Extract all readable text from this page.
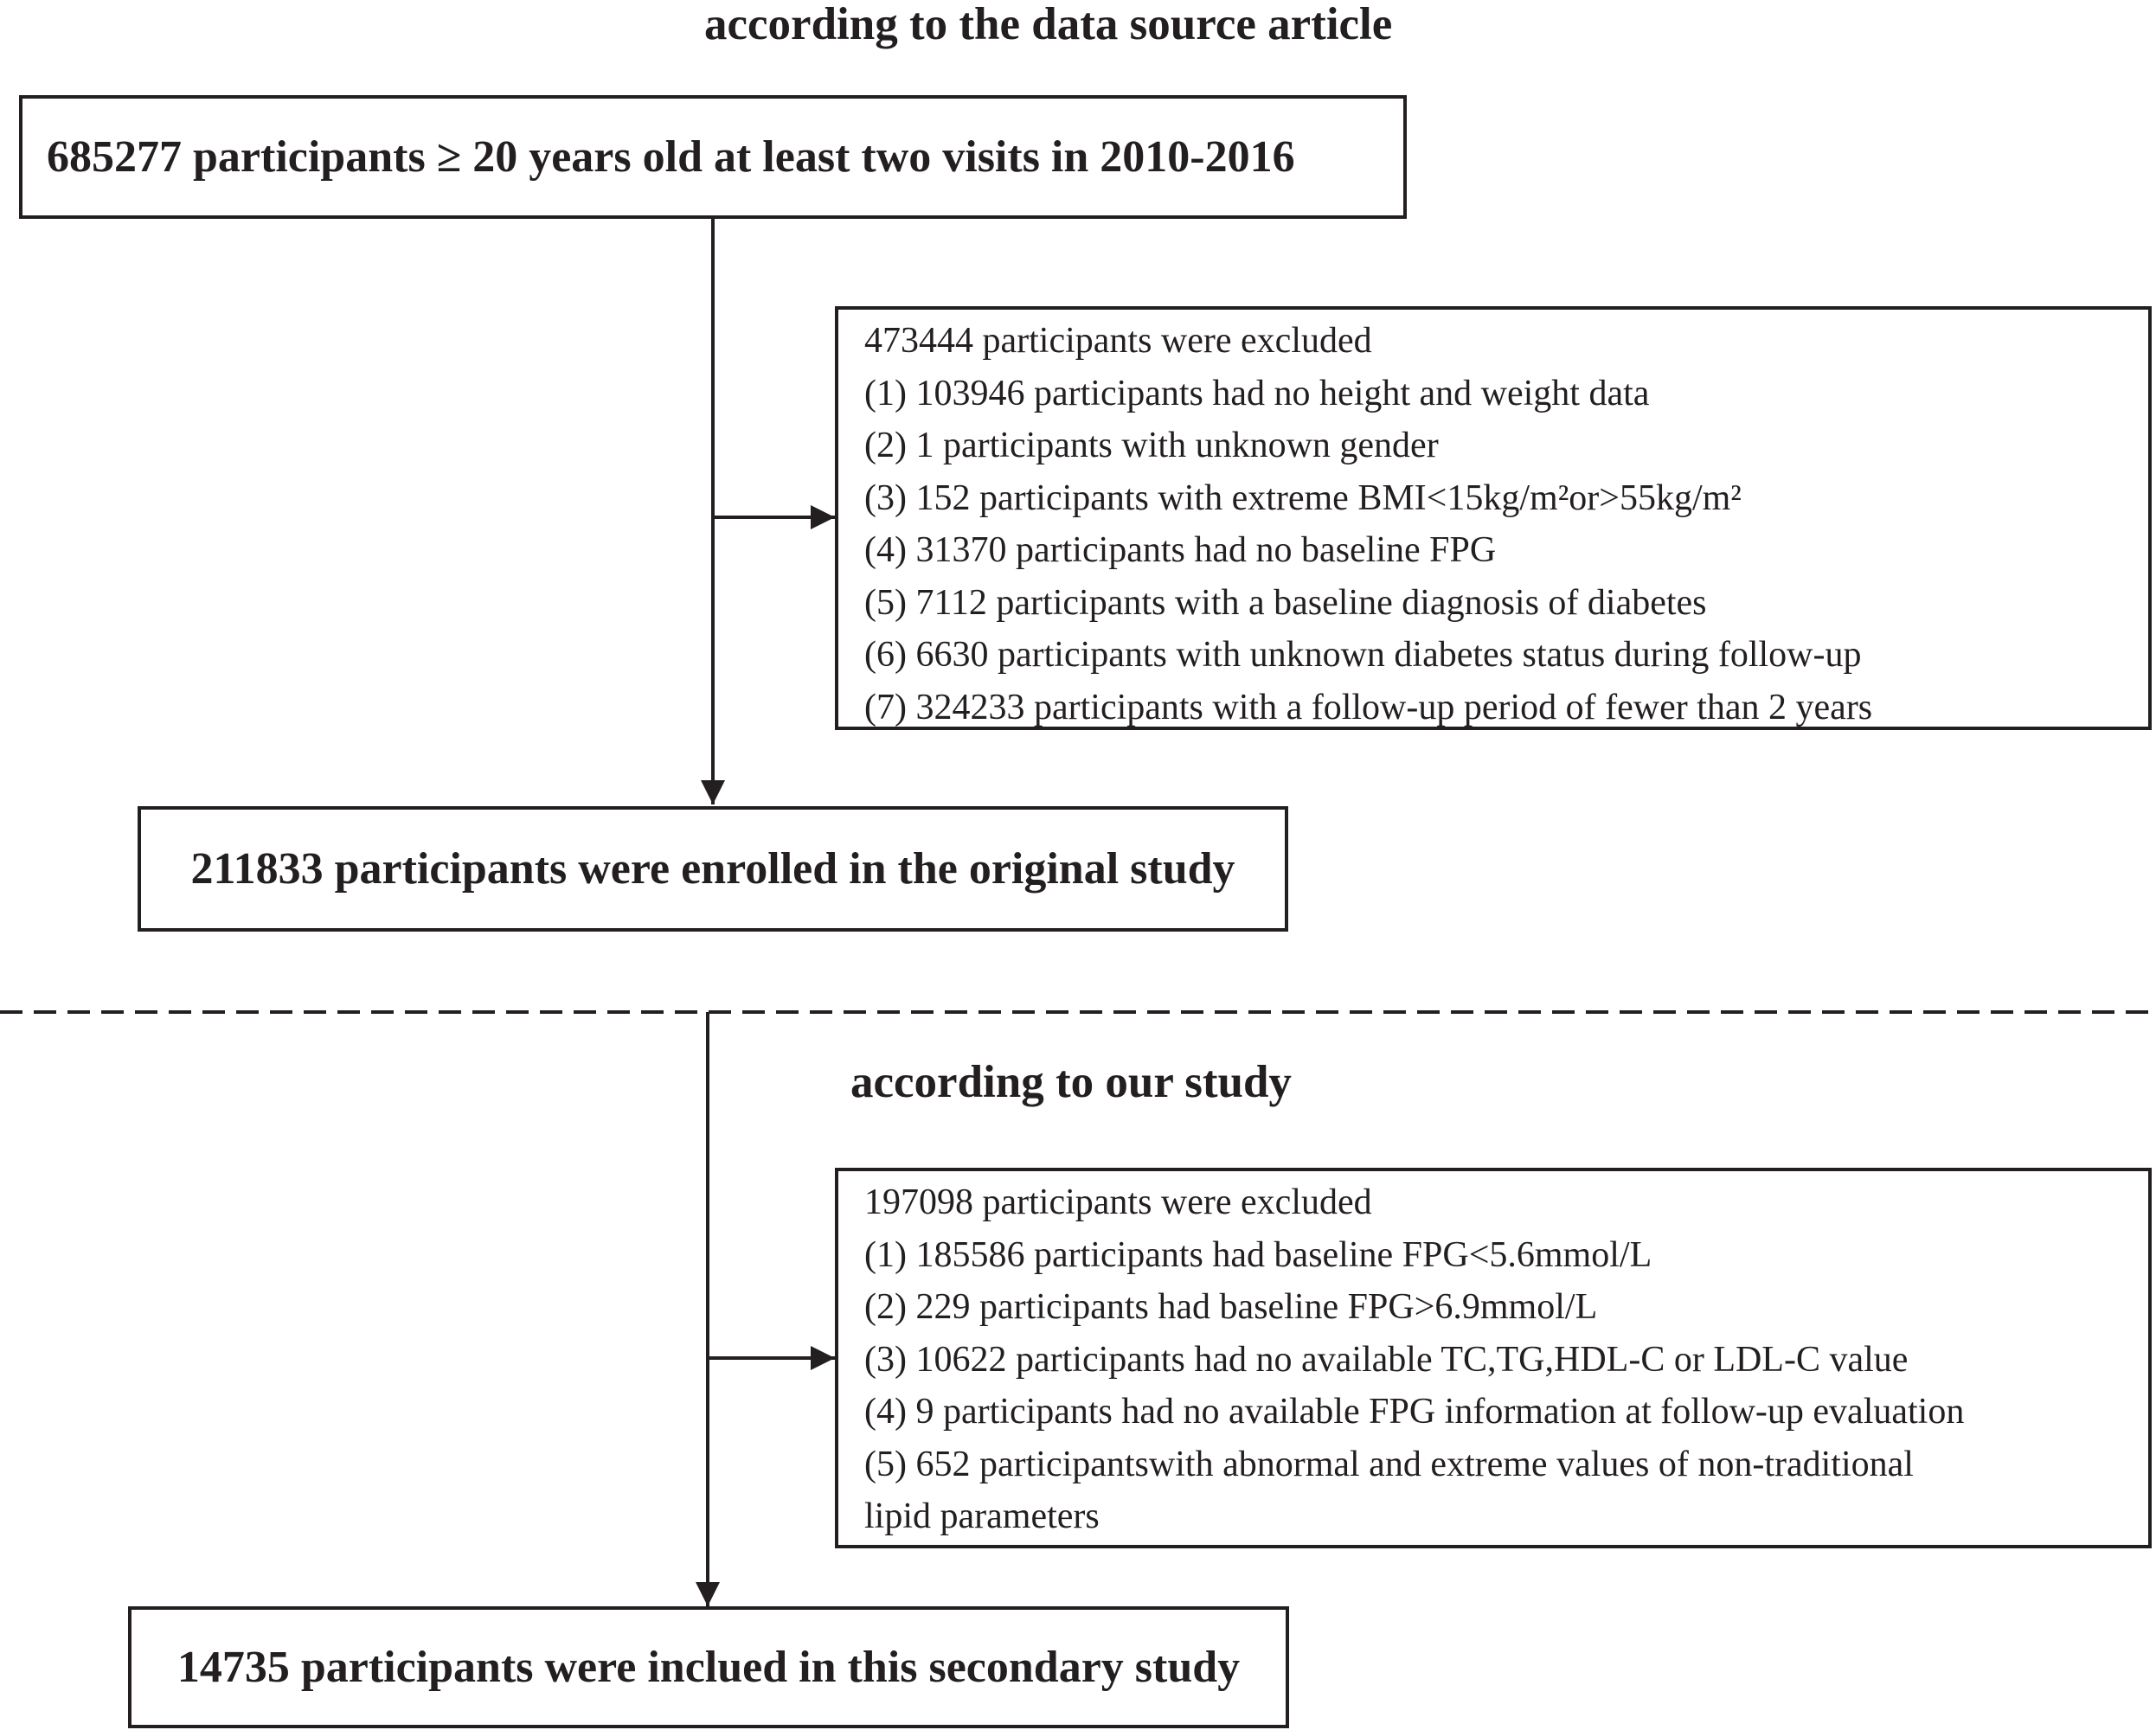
according to the data source article
685277 participants ≥ 20 years old at least two visits in 2010-2016
473444 participants were excluded
(1) 103946 participants had no height and weight data
(2) 1 participants with unknown gender
(3) 152 participants with extreme BMI<15kg/m²or>55kg/m²
(4) 31370 participants had no baseline FPG
(5) 7112 participants with a baseline diagnosis of diabetes
(6) 6630 participants with unknown diabetes status during follow-up
(7) 324233 participants with a follow-up period of fewer than 2 years
211833 participants were enrolled in the original study
according to our study
197098 participants were excluded
(1) 185586 participants had baseline FPG<5.6mmol/L
(2) 229 participants had baseline FPG>6.9mmol/L
(3) 10622 participants had no available TC,TG,HDL-C or LDL-C value
(4) 9 participants had no available FPG information at follow-up evaluation
(5) 652 participantswith abnormal and extreme values of non-traditional
lipid parameters
14735 participants were inclued in this secondary study
